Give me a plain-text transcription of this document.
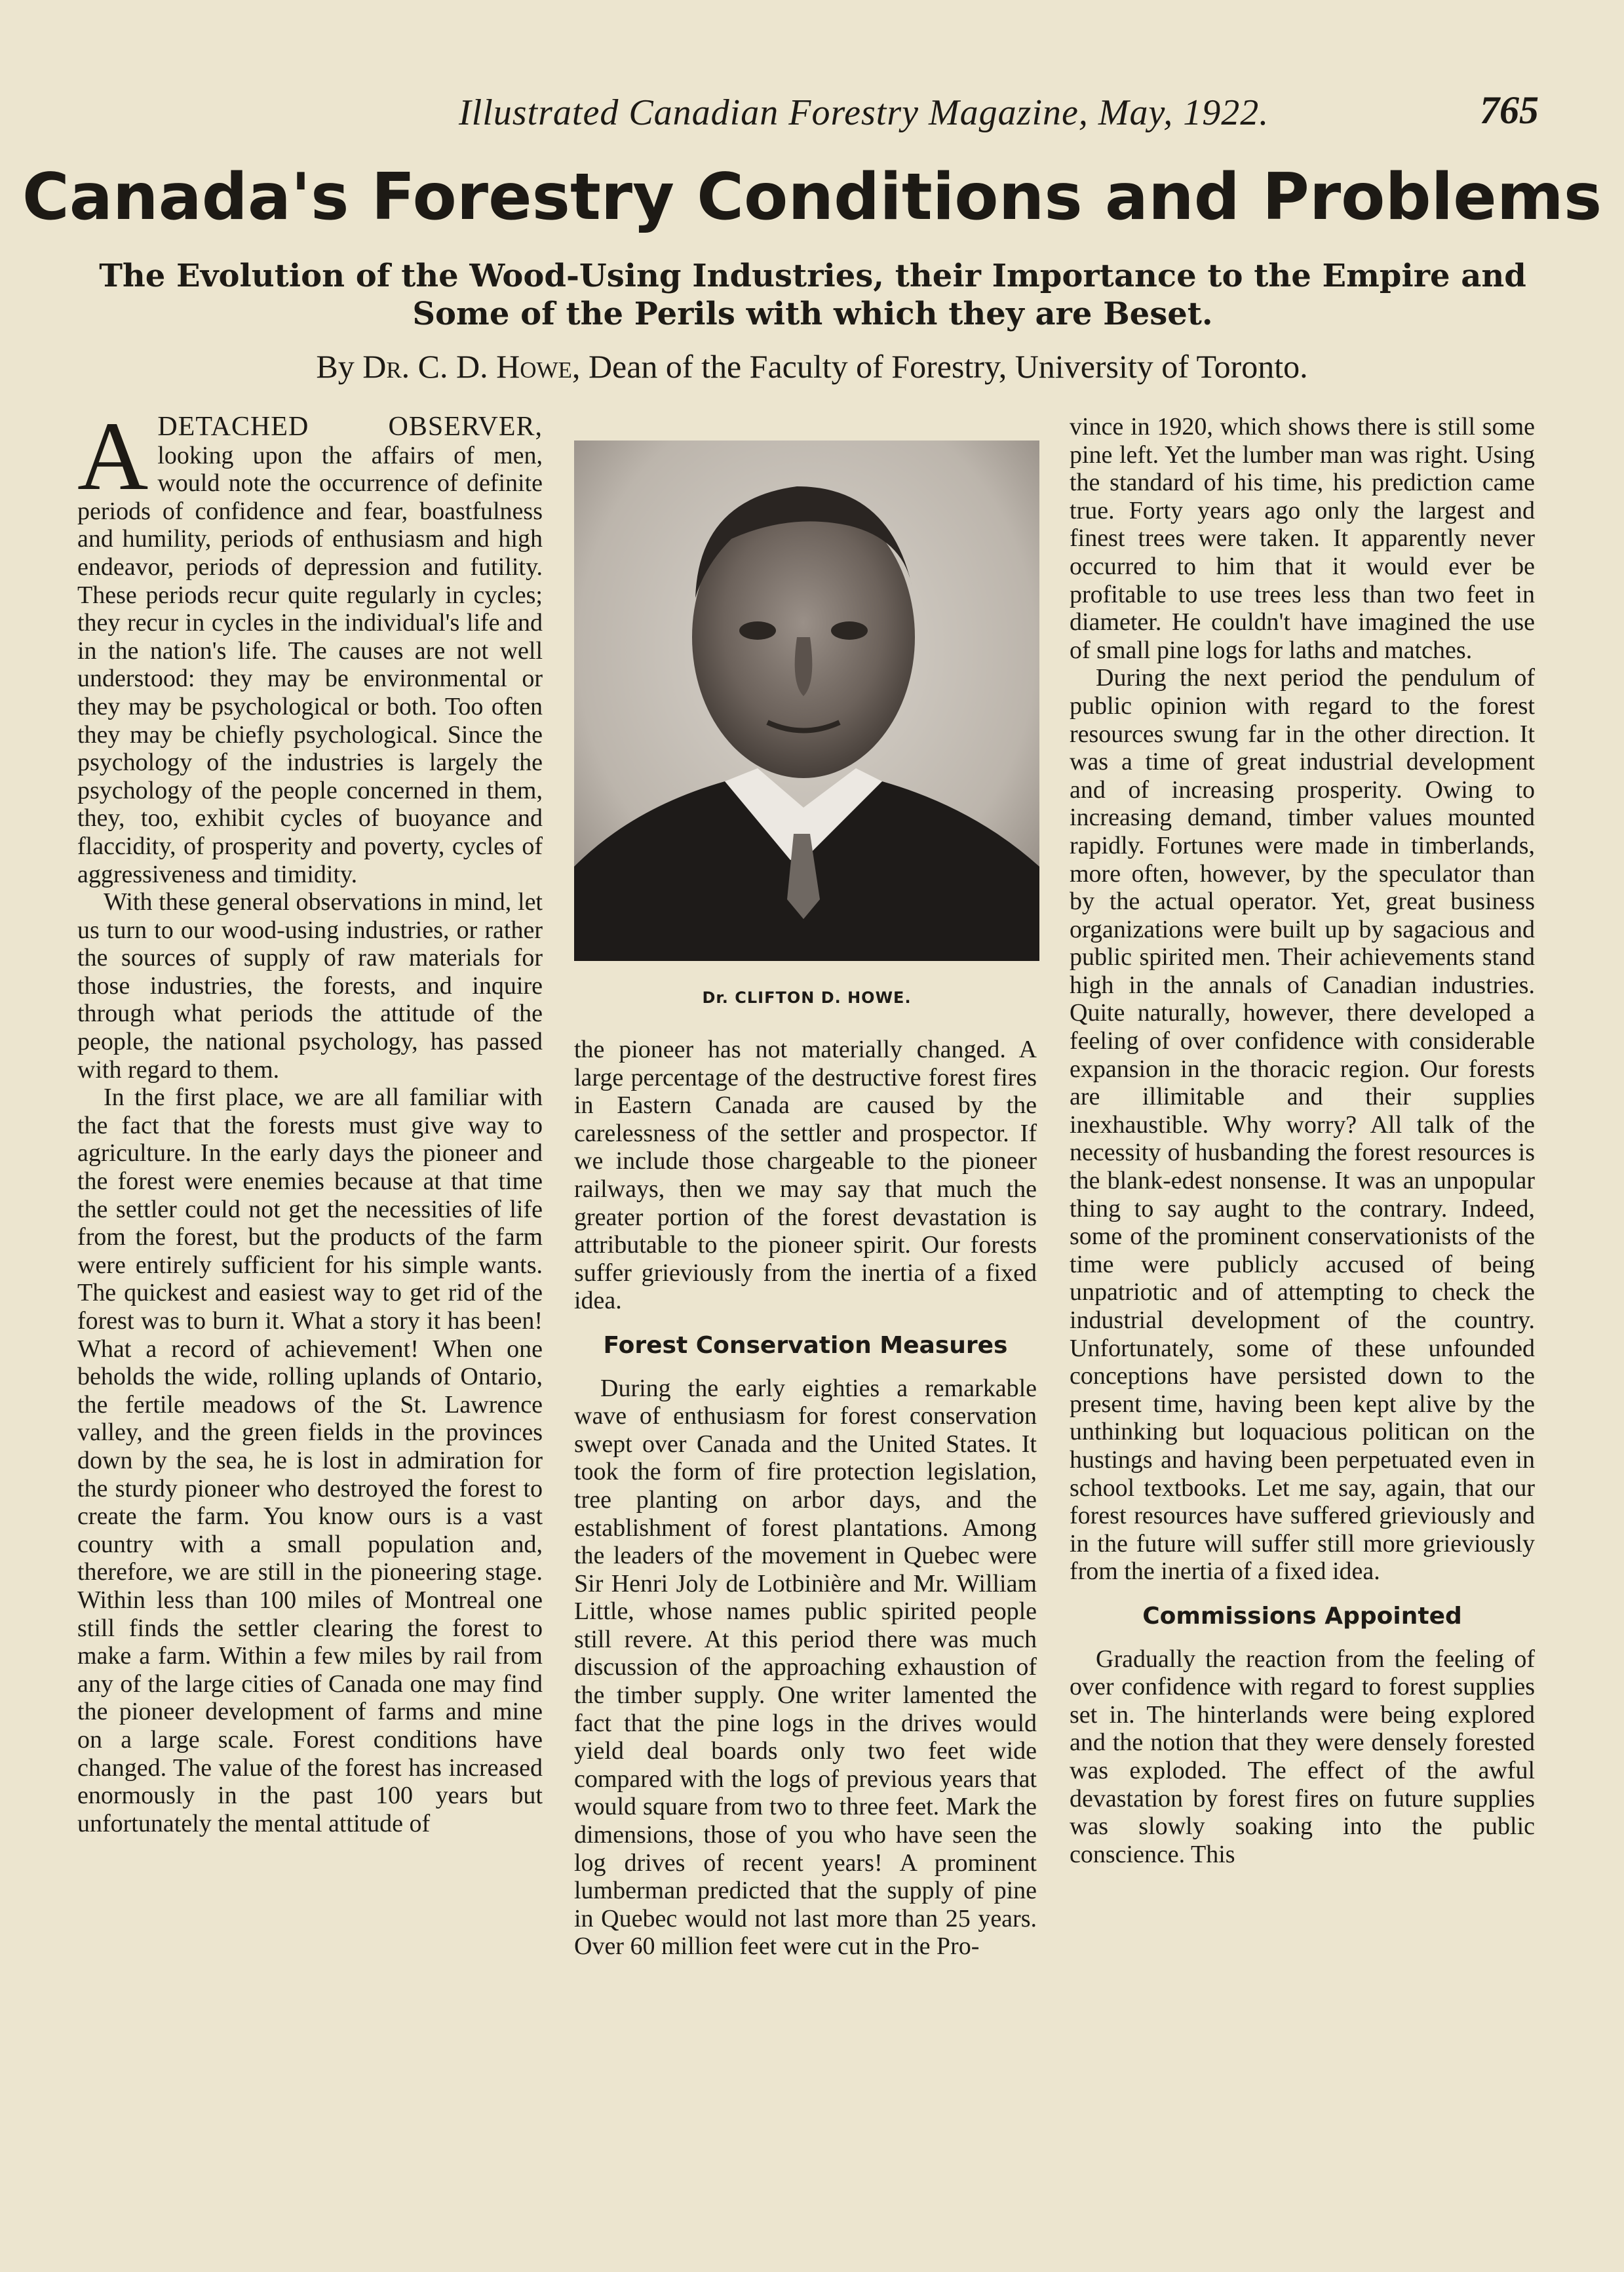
Illustrated Canadian Forestry Magazine, May, 1922.	765
Canada's Forestry Conditions and Problems
The Evolution of the Wood-Using Industries, their Importance to the Empire and Some of the Perils with which they are Beset.
By Dr. C. D. Howe, Dean of the Faculty of Forestry, University of Toronto.

ADETACHED OBSERVER, looking upon the affairs of men, would note the occurrence of definite periods of confidence and fear, boastfulness and humility, periods of enthusiasm and high endeavor, periods of depression and futility. These periods recur quite regularly in cycles; they recur in cycles in the individual's life and in the nation's life. The causes are not well understood: they may be environmental or they may be psychological or both. Too often they may be chiefly psychological. Since the psychology of the industries is largely the psychology of the people concerned in them, they, too, exhibit cycles of buoyance and flaccidity, of prosperity and poverty, cycles of aggressiveness and timidity.

With these general observations in mind, let us turn to our wood-using industries, or rather the sources of supply of raw materials for those industries, the forests, and inquire through what periods the attitude of the people, the national psychology, has passed with regard to them.

In the first place, we are all familiar with the fact that the forests must give way to agriculture. In the early days the pioneer and the forest were enemies because at that time the settler could not get the necessities of life from the forest, but the products of the farm were entirely sufficient for his simple wants. The quickest and easiest way to get rid of the forest was to burn it. What a story it has been! What a record of achievement! When one beholds the wide, rolling uplands of Ontario, the fertile meadows of the St. Lawrence valley, and the green fields in the provinces down by the sea, he is lost in admiration for the sturdy pioneer who destroyed the forest to create the farm. You know ours is a vast country with a small population and, therefore, we are still in the pioneering stage. Within less than 100 miles of Montreal one still finds the settler clearing the forest to make a farm. Within a few miles by rail from any of the large cities of Canada one may find the pioneer development of farms and mine on a large scale. Forest conditions have changed. The value of the forest has increased enormously in the past 100 years but unfortunately the mental attitude of

Dr. CLIFTON D. HOWE.

the pioneer has not materially changed. A large percentage of the destructive forest fires in Eastern Canada are caused by the carelessness of the settler and prospector. If we include those chargeable to the pioneer railways, then we may say that much the greater portion of the forest devastation is attributable to the pioneer spirit. Our forests suffer grieviously from the inertia of a fixed idea.

Forest Conservation Measures

During the early eighties a remarkable wave of enthusiasm for forest conservation swept over Canada and the United States. It took the form of fire protection legislation, tree planting on arbor days, and the establishment of forest plantations. Among the leaders of the movement in Quebec were Sir Henri Joly de Lotbinière and Mr. William Little, whose names public spirited people still revere. At this period there was much discussion of the approaching exhaustion of the timber supply. One writer lamented the fact that the pine logs in the drives would yield deal boards only two feet wide compared with the logs of previous years that would square from two to three feet. Mark the dimensions, those of you who have seen the log drives of recent years! A prominent lumberman predicted that the supply of pine in Quebec would not last more than 25 years. Over 60 million feet were cut in the Pro-

vince in 1920, which shows there is still some pine left. Yet the lumber man was right. Using the standard of his time, his prediction came true. Forty years ago only the largest and finest trees were taken. It apparently never occurred to him that it would ever be profitable to use trees less than two feet in diameter. He couldn't have imagined the use of small pine logs for laths and matches.

During the next period the pendulum of public opinion with regard to the forest resources swung far in the other direction. It was a time of great industrial development and of increasing prosperity. Owing to increasing demand, timber values mounted rapidly. Fortunes were made in timberlands, more often, however, by the speculator than by the actual operator. Yet, great business organizations were built up by sagacious and public spirited men. Their achievements stand high in the annals of Canadian industries. Quite naturally, however, there developed a feeling of over confidence with considerable expansion in the thoracic region. Our forests are illimitable and their supplies inexhaustible. Why worry? All talk of the necessity of husbanding the forest resources is the blank-edest nonsense. It was an unpopular thing to say aught to the contrary. Indeed, some of the prominent conservationists of the time were publicly accused of being unpatriotic and of attempting to check the industrial development of the country. Unfortunately, some of these unfounded conceptions have persisted down to the present time, having been kept alive by the unthinking but loquacious politican on the hustings and having been perpetuated even in school textbooks. Let me say, again, that our forest resources have suffered grieviously and in the future will suffer still more grieviously from the inertia of a fixed idea.

Commissions Appointed

Gradually the reaction from the feeling of over confidence with regard to forest supplies set in. The hinterlands were being explored and the notion that they were densely forested was exploded. The effect of the awful devastation by forest fires on future supplies was slowly soaking into the public conscience. This
